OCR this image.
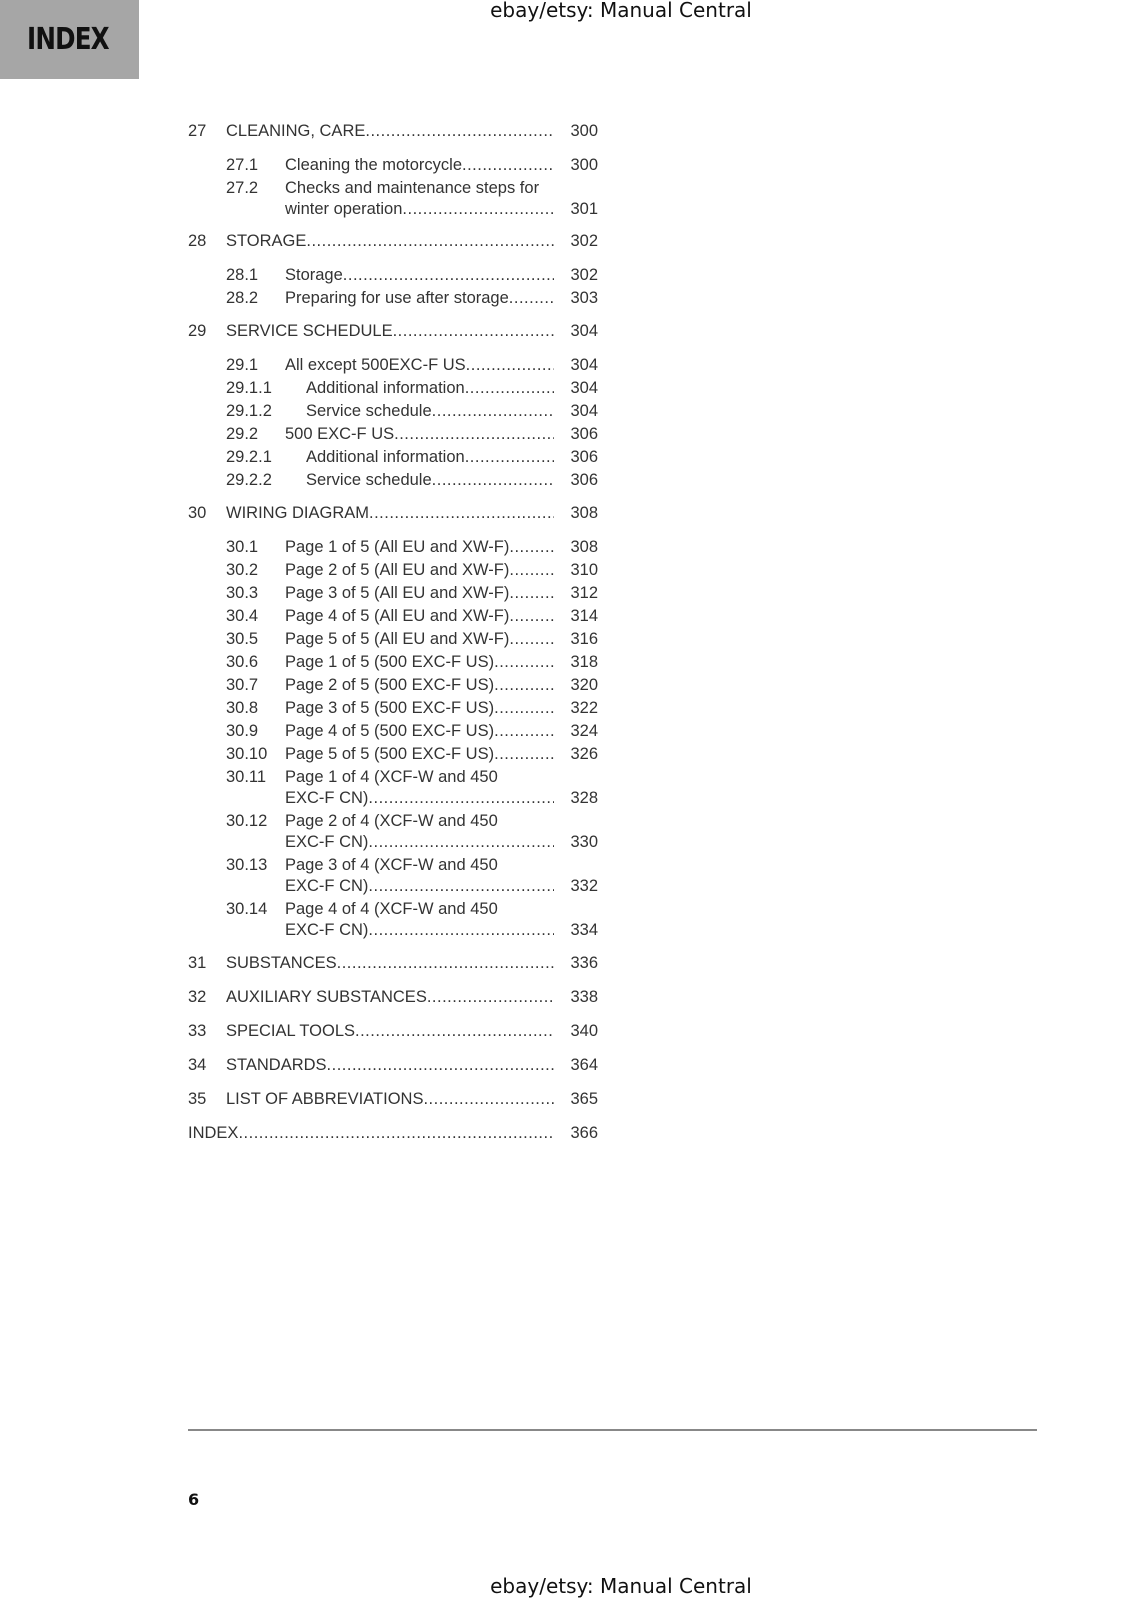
INDEX
ebay/etsy: Manual Central
27 CLEANING, CARE .....	300
27.1 Cleaning the motorcycle .....	300
27.2 Checks and maintenance steps for
winter operation .....	301
28 STORAGE .....	302
28.1 Storage .....	302
28.2 Preparing for use after storage .....	303
29 SERVICE SCHEDULE .....	304
29.1 All except 500EXC-F US .....	304
29.1.1 Additional information .....	304
29.1.2 Service schedule .....	304
29.2 500 EXC-F US .....	306
29.2.1 Additional information .....	306
29.2.2 Service schedule .....	306
30 WIRING DIAGRAM .....	308
30.1 Page 1 of 5 (All EU and XW-F) .....	308
30.2 Page 2 of 5 (All EU and XW-F) .....	310
30.3 Page 3 of 5 (All EU and XW-F) .....	312
30.4 Page 4 of 5 (All EU and XW-F) .....	314
30.5 Page 5 of 5 (All EU and XW-F) .....	316
30.6 Page 1 of 5 (500 EXC-F US) .....	318
30.7 Page 2 of 5 (500 EXC-F US) .....	320
30.8 Page 3 of 5 (500 EXC-F US) .....	322
30.9 Page 4 of 5 (500 EXC-F US) .....	324
30.10 Page 5 of 5 (500 EXC-F US) .....	326
30.11 Page 1 of 4 (XCF-W and 450
EXC-F CN) .....	328
30.12 Page 2 of 4 (XCF-W and 450
EXC-F CN) .....	330
30.13 Page 3 of 4 (XCF-W and 450
EXC-F CN) .....	332
30.14 Page 4 of 4 (XCF-W and 450
EXC-F CN) .....	334
31 SUBSTANCES .....	336
32 AUXILIARY SUBSTANCES .....	338
33 SPECIAL TOOLS .....	340
34 STANDARDS .....	364
35 LIST OF ABBREVIATIONS .....	365
INDEX .....	366
6
ebay/etsy: Manual Central
